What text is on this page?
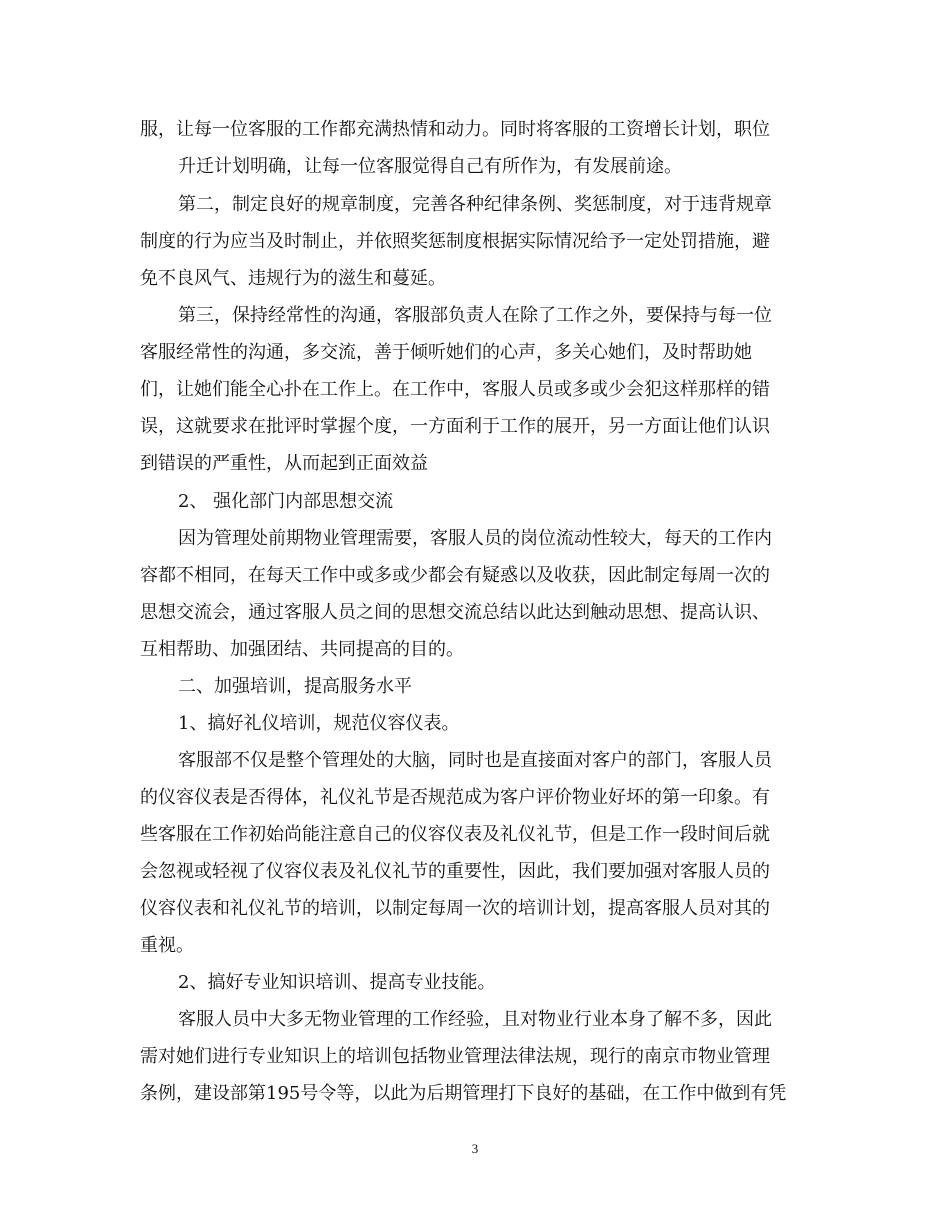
服，让每一位客服的工作都充满热情和动力。同时将客服的工资增长计划，职位
升迁计划明确，让每一位客服觉得自己有所作为，有发展前途。
第二，制定良好的规章制度，完善各种纪律条例、奖惩制度，对于违背规章
制度的行为应当及时制止，并依照奖惩制度根据实际情况给予一定处罚措施，避
免不良风气、违规行为的滋生和蔓延。
第三，保持经常性的沟通，客服部负责人在除了工作之外，要保持与每一位
客服经常性的沟通，多交流，善于倾听她们的心声，多关心她们，及时帮助她
们，让她们能全心扑在工作上。在工作中，客服人员或多或少会犯这样那样的错
误，这就要求在批评时掌握个度，一方面利于工作的展开，另一方面让他们认识
到错误的严重性，从而起到正面效益
2、 强化部门内部思想交流
因为管理处前期物业管理需要，客服人员的岗位流动性较大，每天的工作内
容都不相同，在每天工作中或多或少都会有疑惑以及收获，因此制定每周一次的
思想交流会，通过客服人员之间的思想交流总结以此达到触动思想、提高认识、
互相帮助、加强团结、共同提高的目的。
二、加强培训，提高服务水平
1、搞好礼仪培训，规范仪容仪表。
客服部不仅是整个管理处的大脑，同时也是直接面对客户的部门，客服人员
的仪容仪表是否得体，礼仪礼节是否规范成为客户评价物业好坏的第一印象。有
些客服在工作初始尚能注意自己的仪容仪表及礼仪礼节，但是工作一段时间后就
会忽视或轻视了仪容仪表及礼仪礼节的重要性，因此，我们要加强对客服人员的
仪容仪表和礼仪礼节的培训，以制定每周一次的培训计划，提高客服人员对其的
重视。
2、搞好专业知识培训、提高专业技能。
客服人员中大多无物业管理的工作经验，且对物业行业本身了解不多，因此
需对她们进行专业知识上的培训包括物业管理法律法规，现行的南京市物业管理
条例，建设部第195号令等，以此为后期管理打下良好的基础，在工作中做到有凭
3
